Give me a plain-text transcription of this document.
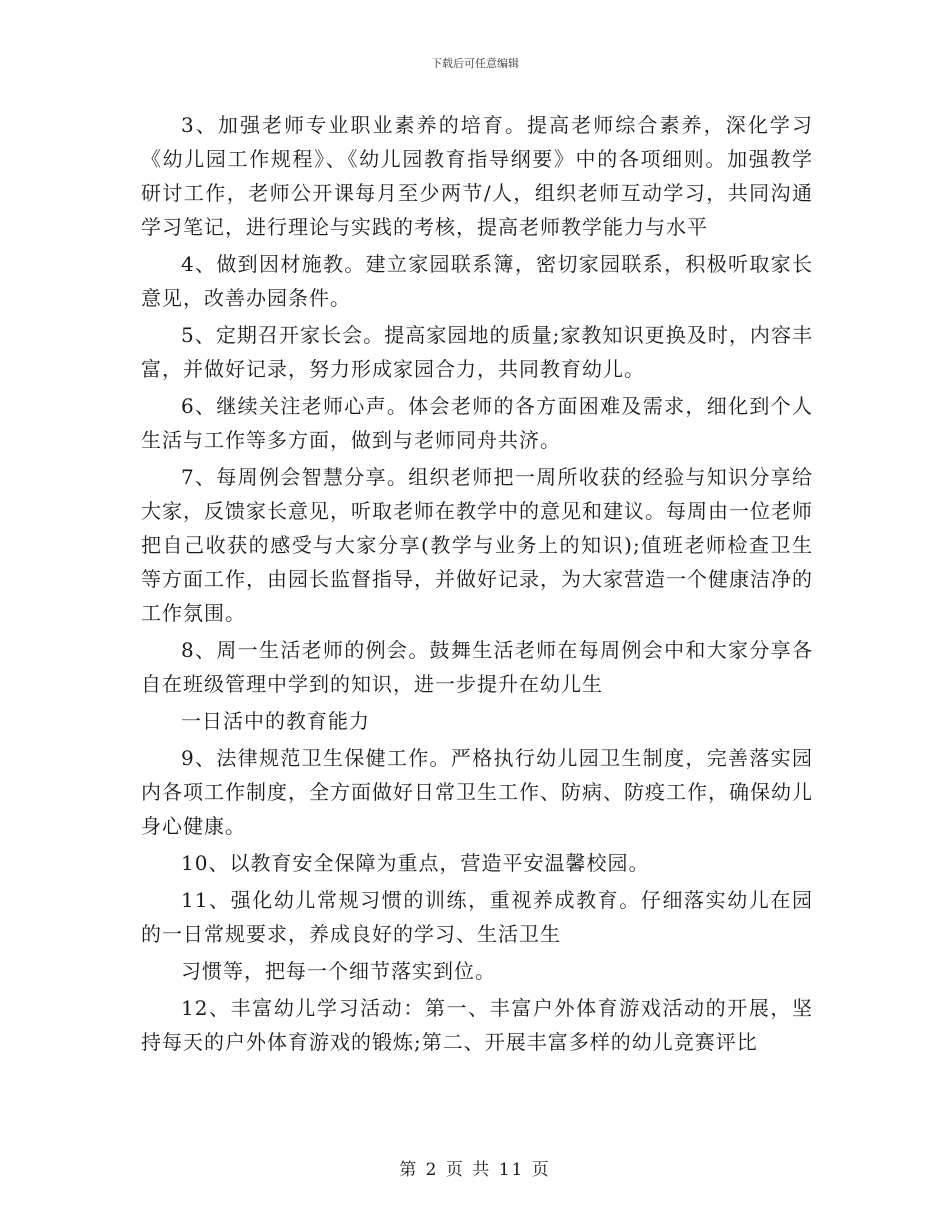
下载后可任意编辑

3、加强老师专业职业素养的培育。提高老师综合素养，深化学习《幼儿园工作规程》、《幼儿园教育指导纲要》中的各项细则。加强教学研讨工作，老师公开课每月至少两节/人，组织老师互动学习，共同沟通学习笔记，进行理论与实践的考核，提高老师教学能力与水平

4、做到因材施教。建立家园联系簿，密切家园联系，积极听取家长意见，改善办园条件。

5、定期召开家长会。提高家园地的质量;家教知识更换及时，内容丰富，并做好记录，努力形成家园合力，共同教育幼儿。

6、继续关注老师心声。体会老师的各方面困难及需求，细化到个人生活与工作等多方面，做到与老师同舟共济。

7、每周例会智慧分享。组织老师把一周所收获的经验与知识分享给大家，反馈家长意见，听取老师在教学中的意见和建议。每周由一位老师把自己收获的感受与大家分享(教学与业务上的知识);值班老师检查卫生等方面工作，由园长监督指导，并做好记录，为大家营造一个健康洁净的工作氛围。

8、周一生活老师的例会。鼓舞生活老师在每周例会中和大家分享各自在班级管理中学到的知识，进一步提升在幼儿生

一日活中的教育能力

9、法律规范卫生保健工作。严格执行幼儿园卫生制度，完善落实园内各项工作制度，全方面做好日常卫生工作、防病、防疫工作，确保幼儿身心健康。

10、以教育安全保障为重点，营造平安温馨校园。

11、强化幼儿常规习惯的训练，重视养成教育。仔细落实幼儿在园的一日常规要求，养成良好的学习、生活卫生

习惯等，把每一个细节落实到位。

12、丰富幼儿学习活动：第一、丰富户外体育游戏活动的开展，坚持每天的户外体育游戏的锻炼;第二、开展丰富多样的幼儿竞赛评比

第 2 页 共 11 页
